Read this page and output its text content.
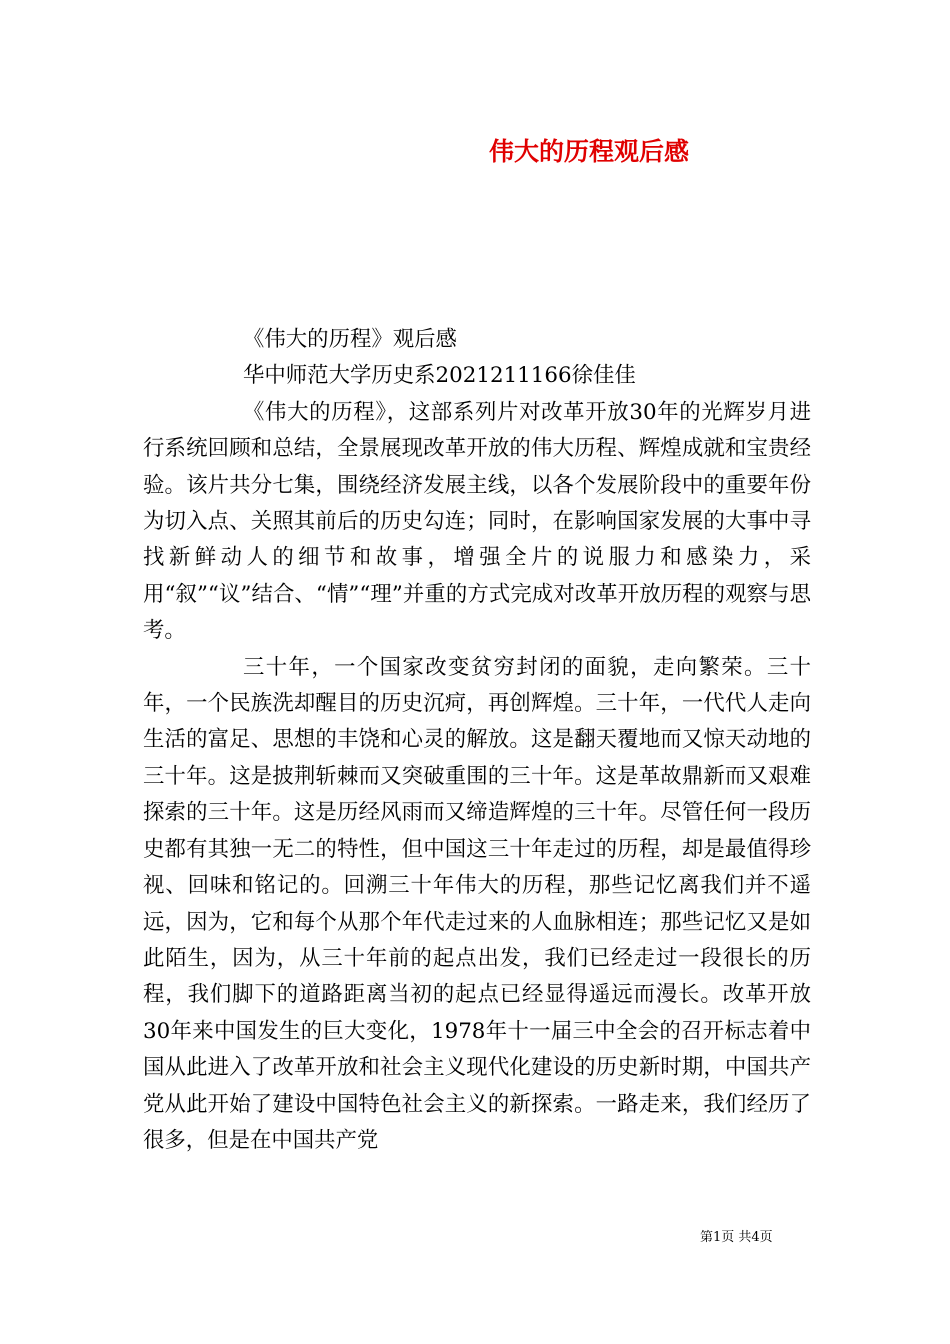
伟大的历程观后感

《伟大的历程》观后感

华中师范大学历史系2021211166徐佳佳

《伟大的历程》，这部系列片对改革开放30年的光辉岁月进行系统回顾和总结，全景展现改革开放的伟大历程、辉煌成就和宝贵经验。该片共分七集，围绕经济发展主线，以各个发展阶段中的重要年份为切入点、关照其前后的历史勾连；同时，在影响国家发展的大事中寻找新鲜动人的细节和故事，增强全片的说服力和感染力，采用“叙”“议”结合、“情”“理”并重的方式完成对改革开放历程的观察与思考。

三十年，一个国家改变贫穷封闭的面貌，走向繁荣。三十年，一个民族洗却醒目的历史沉疴，再创辉煌。三十年，一代代人走向生活的富足、思想的丰饶和心灵的解放。这是翻天覆地而又惊天动地的三十年。这是披荆斩棘而又突破重围的三十年。这是革故鼎新而又艰难探索的三十年。这是历经风雨而又缔造辉煌的三十年。尽管任何一段历史都有其独一无二的特性，但中国这三十年走过的历程，却是最值得珍视、回味和铭记的。回溯三十年伟大的历程，那些记忆离我们并不遥远，因为，它和每个从那个年代走过来的人血脉相连；那些记忆又是如此陌生，因为，从三十年前的起点出发，我们已经走过一段很长的历程，我们脚下的道路距离当初的起点已经显得遥远而漫长。改革开放30年来中国发生的巨大变化，1978年十一届三中全会的召开标志着中国从此进入了改革开放和社会主义现代化建设的历史新时期，中国共产党从此开始了建设中国特色社会主义的新探索。一路走来，我们经历了很多，但是在中国共产党

第1页 共4页
